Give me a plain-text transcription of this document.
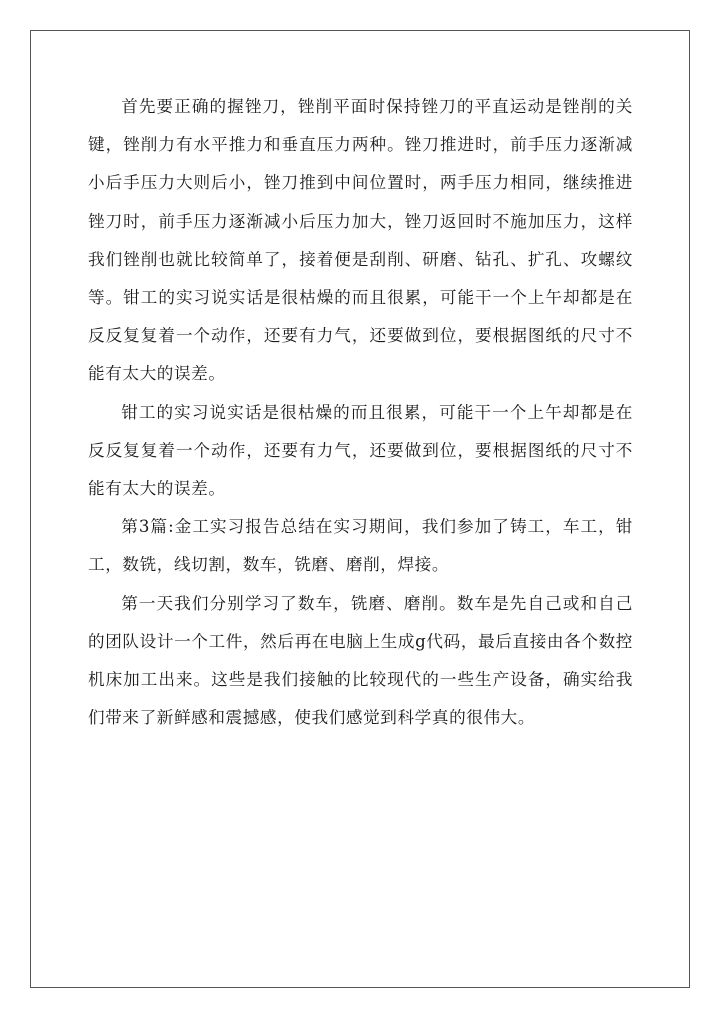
首先要正确的握锉刀，锉削平面时保持锉刀的平直运动是锉削的关键，锉削力有水平推力和垂直压力两种。锉刀推进时，前手压力逐渐减小后手压力大则后小，锉刀推到中间位置时，两手压力相同，继续推进锉刀时，前手压力逐渐减小后压力加大，锉刀返回时不施加压力，这样我们锉削也就比较简单了，接着便是刮削、研磨、钻孔、扩孔、攻螺纹等。钳工的实习说实话是很枯燥的而且很累，可能干一个上午却都是在反反复复着一个动作，还要有力气，还要做到位，要根据图纸的尺寸不能有太大的误差。

钳工的实习说实话是很枯燥的而且很累，可能干一个上午却都是在反反复复着一个动作，还要有力气，还要做到位，要根据图纸的尺寸不能有太大的误差。

第3篇:金工实习报告总结在实习期间，我们参加了铸工，车工，钳工，数铣，线切割，数车，铣磨、磨削，焊接。

第一天我们分别学习了数车，铣磨、磨削。数车是先自己或和自己的团队设计一个工件，然后再在电脑上生成g代码，最后直接由各个数控机床加工出来。这些是我们接触的比较现代的一些生产设备，确实给我们带来了新鲜感和震撼感，使我们感觉到科学真的很伟大。
